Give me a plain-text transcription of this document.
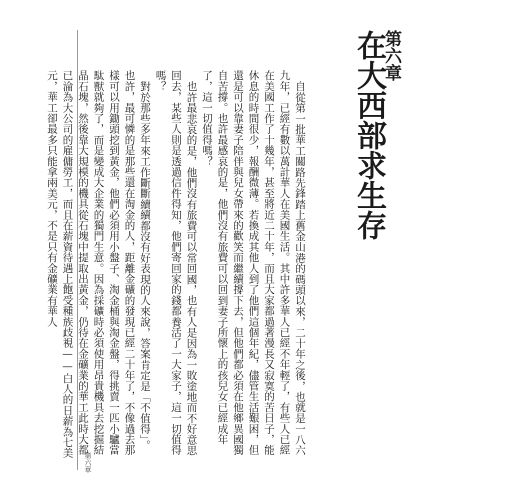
第六章
在大西部求生存

自從第一批華工關路先鋒踏上舊金山港的碼頭以來，二十年之後，也就是一八六九年，已經有數以萬計華人在美國生活。其中許多華人已經不年輕了，有些人已經在美國工作了十幾年，甚至將近二十年，而且大家都過著漫長又寂寞的苦日子，能休息的時間很少，報酬微薄。若換成其他人到了他們這個年紀，儘管生活艱困，但還是可以靠妻子陪伴與兒女帶來的歡笑而繼續撐下去，但他們都必須在他鄉異國獨自苦撐。也許最感哀的是，他們沒有旅費可以回到妻子所懷上的孩兒女已經成年了，這一切值得嗎？

也許最悲哀的是，他們沒有旅費可以常回國，也有人是因為一敗塗地而不好意思回去，某些人則是透過信件得知，他們寄回家的錢都養活了一大家子，這一切值得嗎？

對於那些多年來工作斷斷續續都沒有好表現的人來說，答案肯定是「不值得」。也許，最可憐的是那些還在淘金的人，距離金礦的發現已經二十年了，不像過去那樣可以用鋤頭挖到黃金，他們必須用小盤子、淘金桶與淘金盤，得挑賣一匹小驢當駄獸就夠了，而是變成大企業的獨門生意。因為採礦時必須使用昂貴機具去挖掘結晶石塊，然後靠大規模的機具從石塊中提取出黃金，仍待在金礦業的華工此時大都已淪為大公司的雇傭勞工，而且在薪資待遇上飽受種族歧視——白人的日薪為七美元，華工卻最多只能拿兩美元，不是只有金礦業有華人

第六章
